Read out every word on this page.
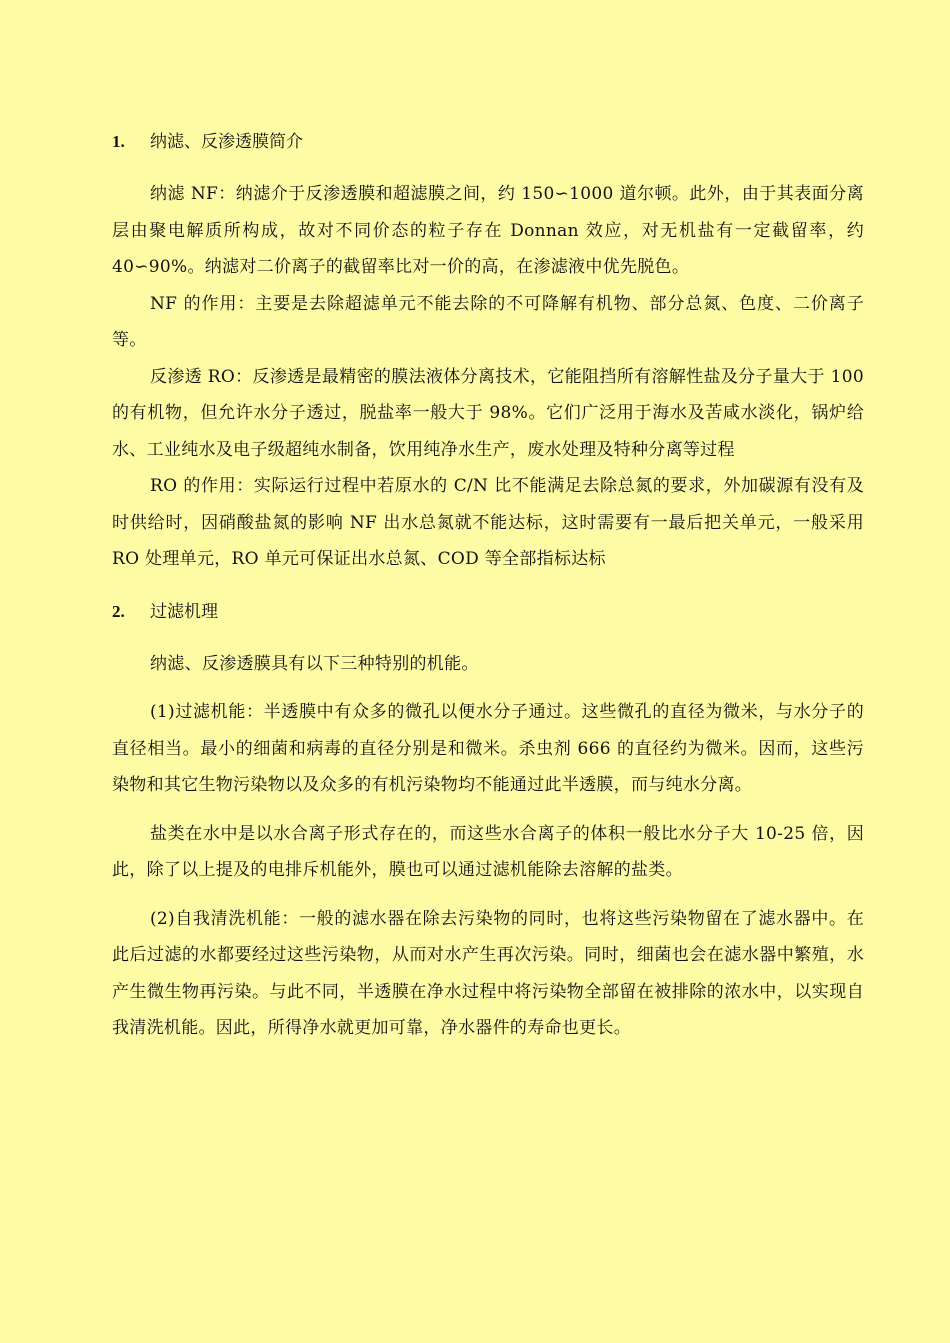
1.	纳滤、反渗透膜简介

纳滤 NF：纳滤介于反渗透膜和超滤膜之间，约 150∽1000 道尔顿。此外，由于其表面分离层由聚电解质所构成，故对不同价态的粒子存在 Donnan 效应，对无机盐有一定截留率，约 40∽90%。纳滤对二价离子的截留率比对一价的高，在渗滤液中优先脱色。

NF 的作用：主要是去除超滤单元不能去除的不可降解有机物、部分总氮、色度、二价离子等。

反渗透 RO：反渗透是最精密的膜法液体分离技术，它能阻挡所有溶解性盐及分子量大于 100 的有机物，但允许水分子透过，脱盐率一般大于 98%。它们广泛用于海水及苦咸水淡化，锅炉给水、工业纯水及电子级超纯水制备，饮用纯净水生产，废水处理及特种分离等过程

RO 的作用：实际运行过程中若原水的 C/N 比不能满足去除总氮的要求，外加碳源有没有及时供给时，因硝酸盐氮的影响 NF 出水总氮就不能达标，这时需要有一最后把关单元，一般采用 RO 处理单元，RO 单元可保证出水总氮、COD 等全部指标达标

2.	过滤机理

纳滤、反渗透膜具有以下三种特别的机能。

(1)过滤机能：半透膜中有众多的微孔以便水分子通过。这些微孔的直径为微米，与水分子的直径相当。最小的细菌和病毒的直径分别是和微米。杀虫剂 666 的直径约为微米。因而，这些污染物和其它生物污染物以及众多的有机污染物均不能通过此半透膜，而与纯水分离。

盐类在水中是以水合离子形式存在的，而这些水合离子的体积一般比水分子大 10-25 倍，因此，除了以上提及的电排斥机能外，膜也可以通过滤机能除去溶解的盐类。

(2)自我清洗机能：一般的滤水器在除去污染物的同时，也将这些污染物留在了滤水器中。在此后过滤的水都要经过这些污染物，从而对水产生再次污染。同时，细菌也会在滤水器中繁殖，水产生微生物再污染。与此不同，半透膜在净水过程中将污染物全部留在被排除的浓水中，以实现自我清洗机能。因此，所得净水就更加可靠，净水器件的寿命也更长。
